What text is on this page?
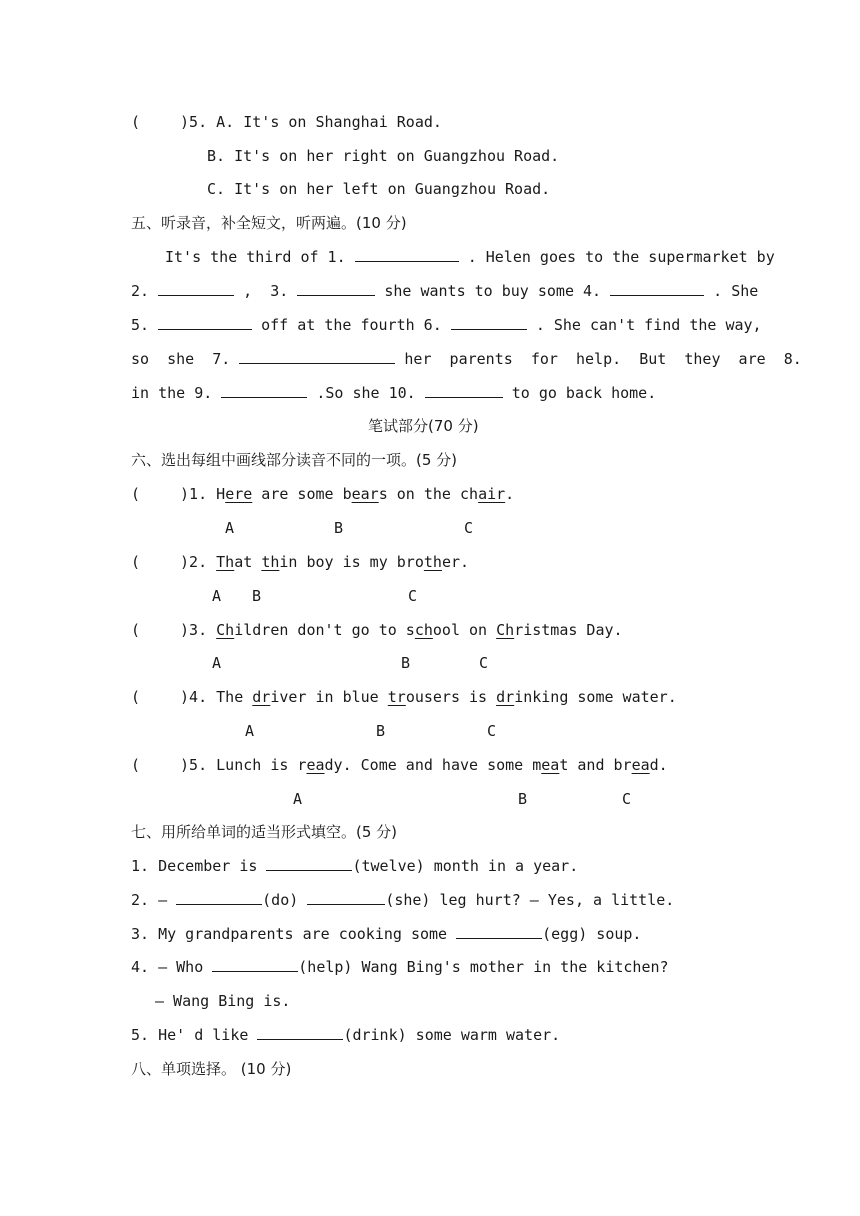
(	)5. A. It's on Shanghai Road.
B. It's on her right on Guangzhou Road.
C. It's on her left on Guangzhou Road.
五、听录音，补全短文，听两遍。(10 分)
It's the third of 1.	. Helen goes to the supermarket by
2.	,  3.	she wants to buy some 4.	. She
5.	off at the fourth 6.	. She can't find the way,
so  she  7.	her  parents  for  help.  But  they  are  8.
in the 9.	.So she 10.	to go back home.
笔试部分(70 分)
六、选出每组中画线部分读音不同的一项。(5 分)
(	)1. Here are some bears on the chair.
A	B	C
(	)2. That thin boy is my brother.
A B	C
(	)3. Children don't go to school on Christmas Day.
A	B	C
(	)4. The driver in blue trousers is drinking some water.
A	B	C
(	)5. Lunch is ready. Come and have some meat and bread.
A	B	C
七、用所给单词的适当形式填空。(5 分)
1. December is	(twelve) month in a year.
2. —	(do)	(she) leg hurt? — Yes, a little.
3. My grandparents are cooking some	(egg) soup.
4. — Who	(help) Wang Bing's mother in the kitchen?
— Wang Bing is.
5. He' d like	(drink) some warm water.
八、单项选择。 (10 分)
